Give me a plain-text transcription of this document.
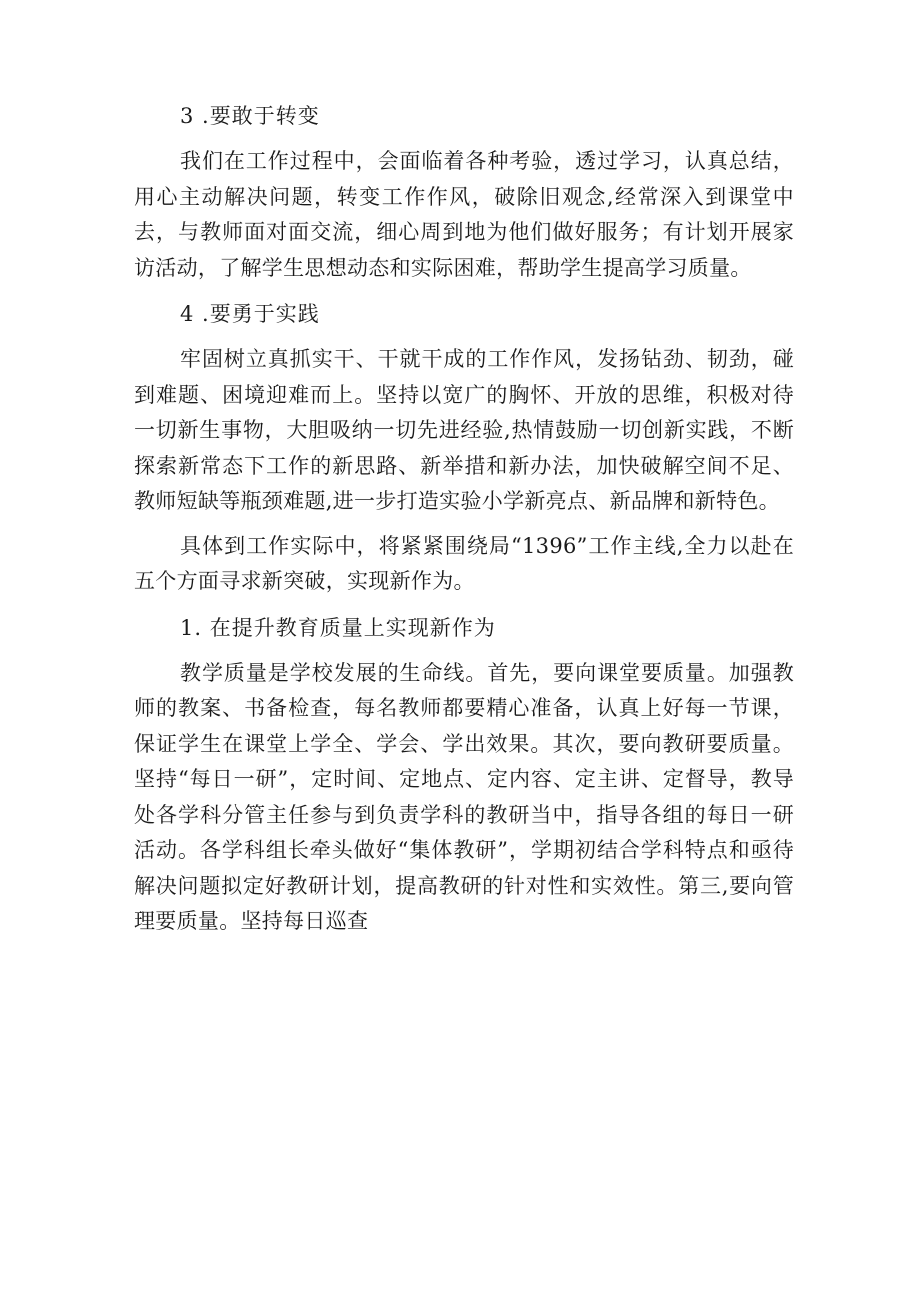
3 .要敢于转变

我们在工作过程中，会面临着各种考验，透过学习，认真总结，用心主动解决问题，转变工作作风，破除旧观念,经常深入到课堂中去，与教师面对面交流，细心周到地为他们做好服务；有计划开展家访活动，了解学生思想动态和实际困难，帮助学生提高学习质量。

4 .要勇于实践

牢固树立真抓实干、干就干成的工作作风，发扬钻劲、韧劲，碰到难题、困境迎难而上。坚持以宽广的胸怀、开放的思维，积极对待一切新生事物，大胆吸纳一切先进经验,热情鼓励一切创新实践，不断探索新常态下工作的新思路、新举措和新办法，加快破解空间不足、教师短缺等瓶颈难题,进一步打造实验小学新亮点、新品牌和新特色。

具体到工作实际中，将紧紧围绕局“1396”工作主线,全力以赴在五个方面寻求新突破，实现新作为。

1. 在提升教育质量上实现新作为

教学质量是学校发展的生命线。首先，要向课堂要质量。加强教师的教案、书备检查，每名教师都要精心准备，认真上好每一节课，保证学生在课堂上学全、学会、学出效果。其次，要向教研要质量。坚持“每日一研”，定时间、定地点、定内容、定主讲、定督导，教导处各学科分管主任参与到负责学科的教研当中，指导各组的每日一研活动。各学科组长牵头做好“集体教研”，学期初结合学科特点和亟待解决问题拟定好教研计划，提高教研的针对性和实效性。第三,要向管理要质量。坚持每日巡查
